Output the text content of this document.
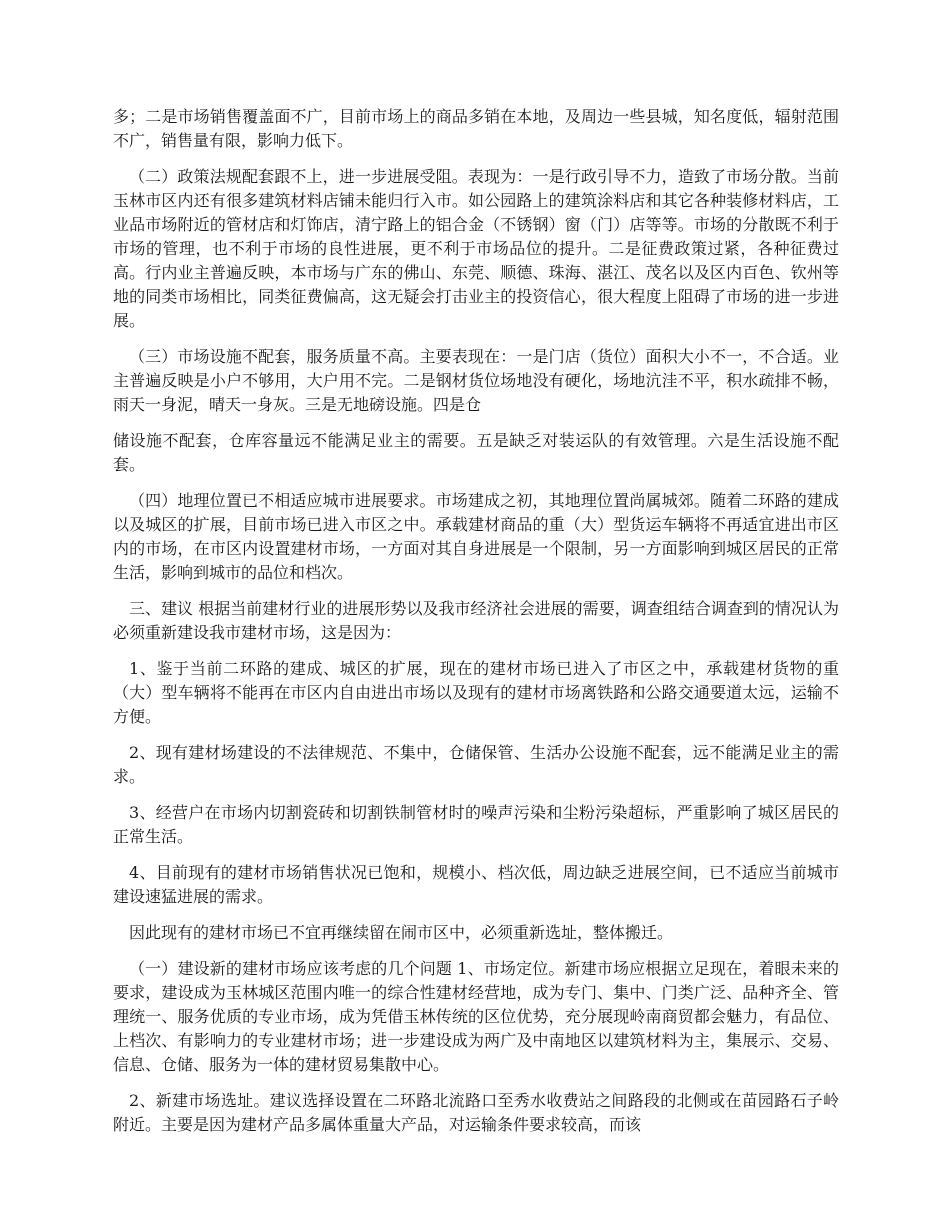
多；二是市场销售覆盖面不广，目前市场上的商品多销在本地，及周边一些县城，知名度低，辐射范围不广，销售量有限，影响力低下。

（二）政策法规配套跟不上，进一步进展受阻。表现为：一是行政引导不力，造致了市场分散。当前玉林市区内还有很多建筑材料店铺未能归行入市。如公园路上的建筑涂料店和其它各种装修材料店，工业品市场附近的管材店和灯饰店，清宁路上的铝合金（不锈钢）窗（门）店等等。市场的分散既不利于市场的管理，也不利于市场的良性进展，更不利于市场品位的提升。二是征费政策过紧，各种征费过高。行内业主普遍反映，本市场与广东的佛山、东莞、顺德、珠海、湛江、茂名以及区内百色、钦州等地的同类市场相比，同类征费偏高，这无疑会打击业主的投资信心，很大程度上阻碍了市场的进一步进展。

（三）市场设施不配套，服务质量不高。主要表现在：一是门店（货位）面积大小不一，不合适。业主普遍反映是小户不够用，大户用不完。二是钢材货位场地没有硬化，场地沆洼不平，积水疏排不畅，雨天一身泥，晴天一身灰。三是无地磅设施。四是仓

储设施不配套，仓库容量远不能满足业主的需要。五是缺乏对装运队的有效管理。六是生活设施不配套。

（四）地理位置已不相适应城市进展要求。市场建成之初，其地理位置尚属城郊。随着二环路的建成以及城区的扩展，目前市场已进入市区之中。承载建材商品的重（大）型货运车辆将不再适宜进出市区内的市场，在市区内设置建材市场，一方面对其自身进展是一个限制，另一方面影响到城区居民的正常生活，影响到城市的品位和档次。

三、建议 根据当前建材行业的进展形势以及我市经济社会进展的需要，调查组结合调查到的情况认为必须重新建设我市建材市场，这是因为：

1、鉴于当前二环路的建成、城区的扩展，现在的建材市场已进入了市区之中，承载建材货物的重（大）型车辆将不能再在市区内自由进出市场以及现有的建材市场离铁路和公路交通要道太远，运输不方便。

2、现有建材场建设的不法律规范、不集中，仓储保管、生活办公设施不配套，远不能满足业主的需求。

3、经营户在市场内切割瓷砖和切割铁制管材时的噪声污染和尘粉污染超标，严重影响了城区居民的正常生活。

4、目前现有的建材市场销售状况已饱和，规模小、档次低，周边缺乏进展空间，已不适应当前城市建设速猛进展的需求。

因此现有的建材市场已不宜再继续留在闹市区中，必须重新选址，整体搬迁。

（一）建设新的建材市场应该考虑的几个问题 1、市场定位。新建市场应根据立足现在，着眼未来的要求，建设成为玉林城区范围内唯一的综合性建材经营地，成为专门、集中、门类广泛、品种齐全、管理统一、服务优质的专业市场，成为凭借玉林传统的区位优势，充分展现岭南商贸都会魅力，有品位、上档次、有影响力的专业建材市场；进一步建设成为两广及中南地区以建筑材料为主，集展示、交易、信息、仓储、服务为一体的建材贸易集散中心。

2、新建市场选址。建议选择设置在二环路北流路口至秀水收费站之间路段的北侧或在苗园路石子岭附近。主要是因为建材产品多属体重量大产品，对运输条件要求较高，而该
